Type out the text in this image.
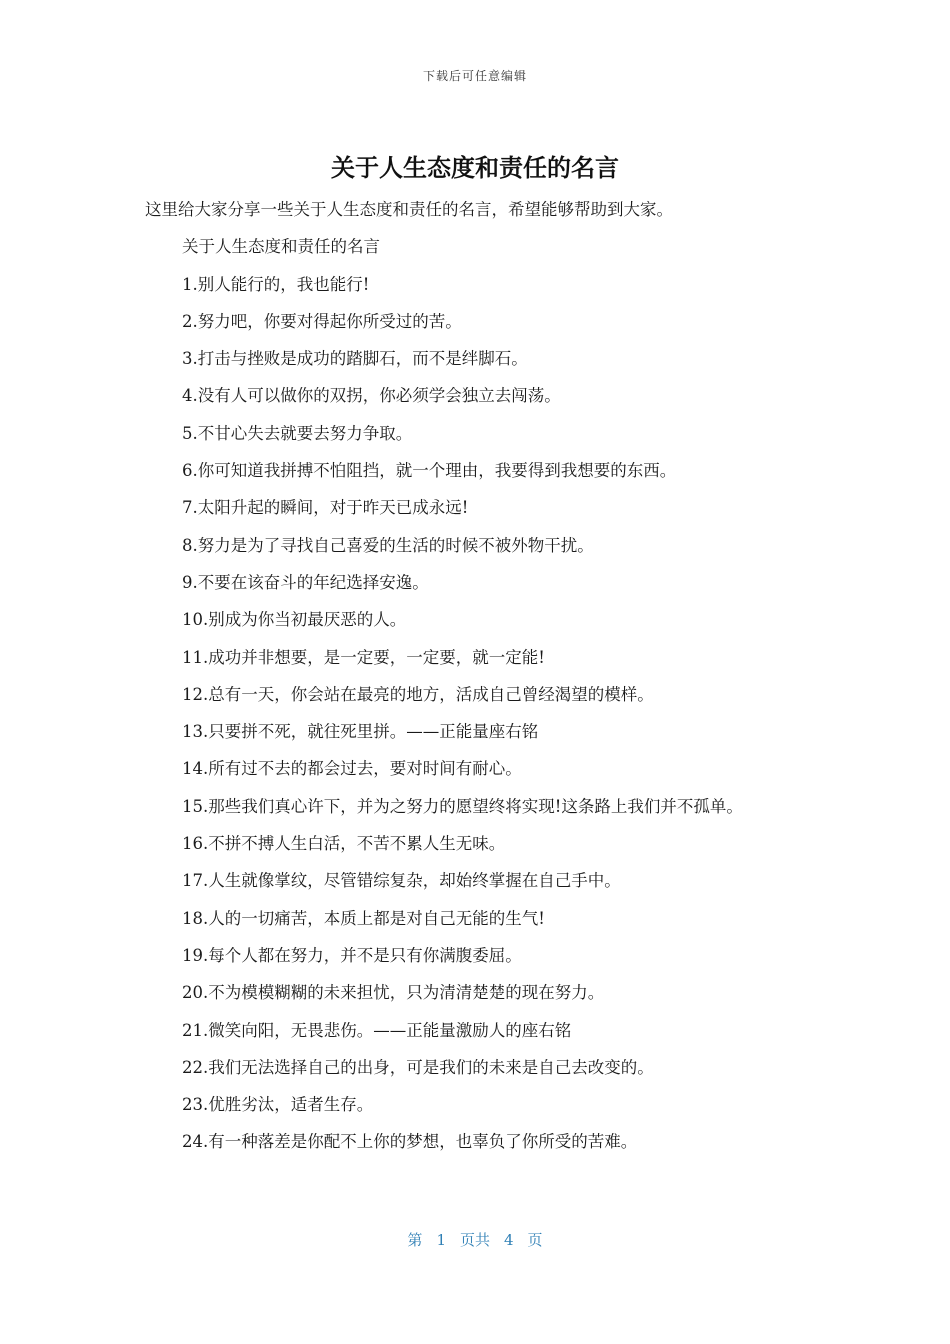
下载后可任意编辑
关于人生态度和责任的名言

这里给大家分享一些关于人生态度和责任的名言，希望能够帮助到大家。

关于人生态度和责任的名言

1.别人能行的，我也能行!

2.努力吧，你要对得起你所受过的苦。

3.打击与挫败是成功的踏脚石，而不是绊脚石。

4.没有人可以做你的双拐，你必须学会独立去闯荡。

5.不甘心失去就要去努力争取。

6.你可知道我拼搏不怕阻挡，就一个理由，我要得到我想要的东西。

7.太阳升起的瞬间，对于昨天已成永远!

8.努力是为了寻找自己喜爱的生活的时候不被外物干扰。

9.不要在该奋斗的年纪选择安逸。

10.别成为你当初最厌恶的人。

11.成功并非想要，是一定要，一定要，就一定能!

12.总有一天，你会站在最亮的地方，活成自己曾经渴望的模样。

13.只要拼不死，就往死里拼。——正能量座右铭

14.所有过不去的都会过去，要对时间有耐心。

15.那些我们真心许下，并为之努力的愿望终将实现!这条路上我们并不孤单。

16.不拼不搏人生白活，不苦不累人生无味。

17.人生就像掌纹，尽管错综复杂，却始终掌握在自己手中。

18.人的一切痛苦，本质上都是对自己无能的生气!

19.每个人都在努力，并不是只有你满腹委屈。

20.不为模模糊糊的未来担忧，只为清清楚楚的现在努力。

21.微笑向阳，无畏悲伤。——正能量激励人的座右铭

22.我们无法选择自己的出身，可是我们的未来是自己去改变的。

23.优胜劣汰，适者生存。

24.有一种落差是你配不上你的梦想，也辜负了你所受的苦难。

第 1 页共 4 页
